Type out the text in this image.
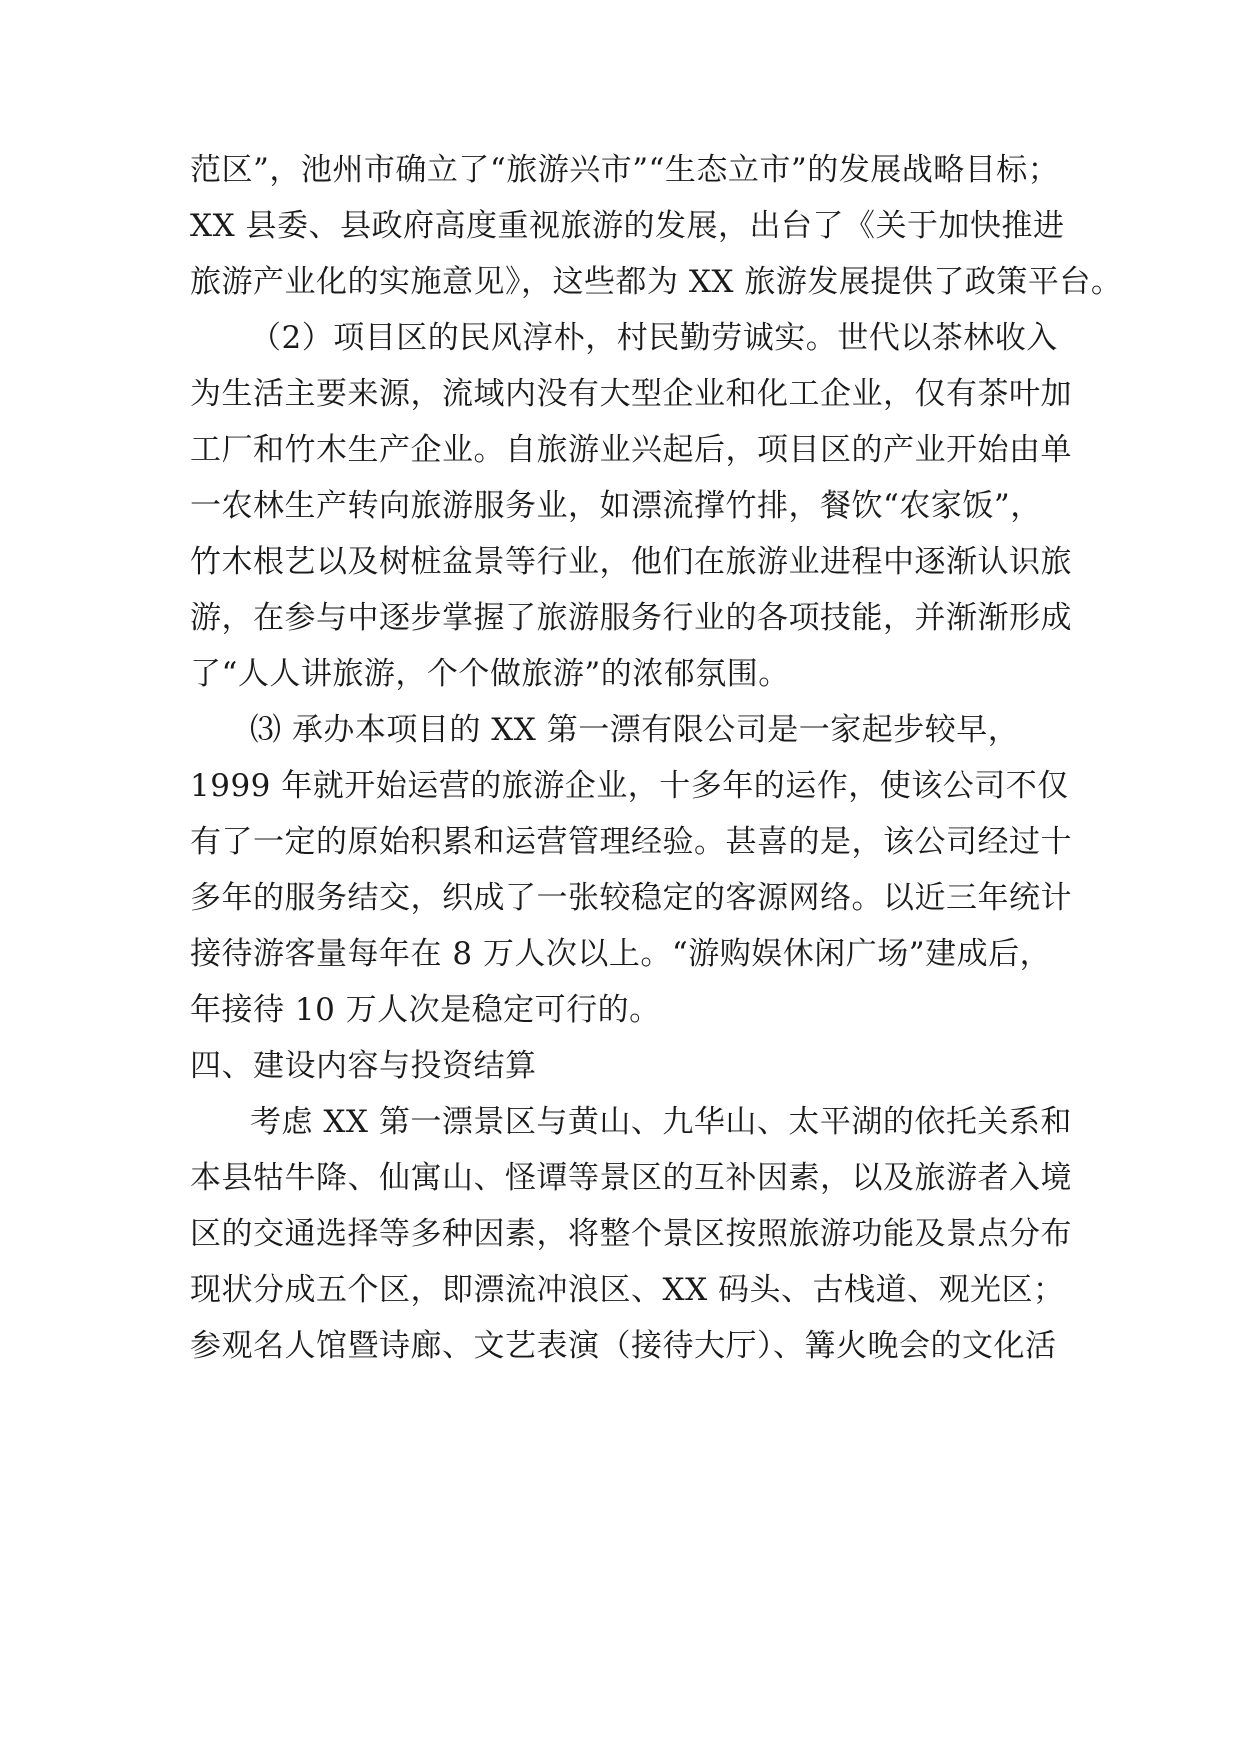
范区”，池州市确立了“旅游兴市”“生态立市”的发展战略目标；
XX 县委、县政府高度重视旅游的发展，出台了《关于加快推进
旅游产业化的实施意见》，这些都为 XX 旅游发展提供了政策平台。
（2）项目区的民风淳朴，村民勤劳诚实。世代以茶林收入
为生活主要来源，流域内没有大型企业和化工企业，仅有茶叶加
工厂和竹木生产企业。自旅游业兴起后，项目区的产业开始由单
一农林生产转向旅游服务业，如漂流撑竹排，餐饮“农家饭”，
竹木根艺以及树桩盆景等行业，他们在旅游业进程中逐渐认识旅
游，在参与中逐步掌握了旅游服务行业的各项技能，并渐渐形成
了“人人讲旅游，个个做旅游”的浓郁氛围。
⑶ 承办本项目的 XX 第一漂有限公司是一家起步较早，
1999 年就开始运营的旅游企业，十多年的运作，使该公司不仅
有了一定的原始积累和运营管理经验。甚喜的是，该公司经过十
多年的服务结交，织成了一张较稳定的客源网络。以近三年统计
接待游客量每年在 8 万人次以上。“游购娱休闲广场”建成后，
年接待 10 万人次是稳定可行的。
四、建设内容与投资结算
考虑 XX 第一漂景区与黄山、九华山、太平湖的依托关系和
本县牯牛降、仙寓山、怪谭等景区的互补因素，以及旅游者入境
区的交通选择等多种因素，将整个景区按照旅游功能及景点分布
现状分成五个区，即漂流冲浪区、XX 码头、古栈道、观光区；
参观名人馆暨诗廊、文艺表演（接待大厅）、篝火晚会的文化活
